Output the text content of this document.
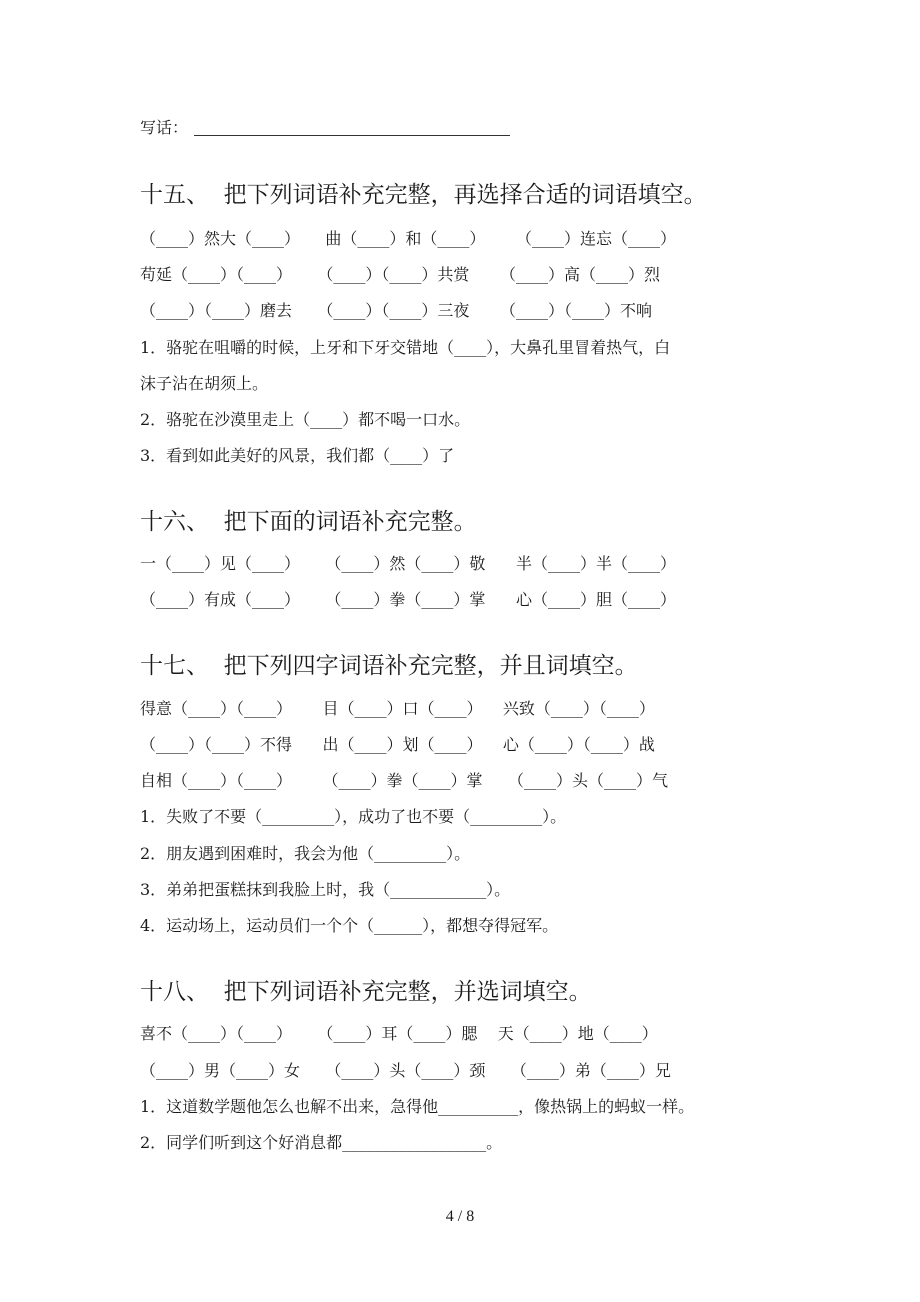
写话：
十五、  把下列词语补充完整，再选择合适的词语填空。
（____）然大（____）     曲（____）和（____）      （____）连忘（____）
苟延（____）（____）     （____）（____）共赏      （____）高（____）烈
（____）（____）磨去     （____）（____）三夜      （____）（____）不响
1．骆驼在咀嚼的时候，上牙和下牙交错地（____），大鼻孔里冒着热气，白
沫子沾在胡须上。
2．骆驼在沙漠里走上（____）都不喝一口水。
3．看到如此美好的风景，我们都（____）了
十六、  把下面的词语补充完整。
一（____）见（____）     （____）然（____）敬      半（____）半（____）
（____）有成（____）     （____）拳（____）掌      心（____）胆（____）
十七、  把下列四字词语补充完整，并且词填空。
得意（____）（____）      目（____）口（____）    兴致（____）（____）
（____）（____）不得      出（____）划（____）    心（____）（____）战
自相（____）（____）      （____）拳（____）掌     （____）头（____）气
1．失败了不要（_________），成功了也不要（_________）。
2．朋友遇到困难时，我会为他（_________）。
3．弟弟把蛋糕抹到我脸上时，我（____________）。
4．运动场上，运动员们一个个（______），都想夺得冠军。
十八、  把下列词语补充完整，并选词填空。
喜不（____）（____）     （____）耳（____）腮    天（____）地（____）
（____）男（____）女     （____）头（____）颈     （____）弟（____）兄
1．这道数学题他怎么也解不出来，急得他__________，像热锅上的蚂蚁一样。
2．同学们听到这个好消息都__________________。
4 / 8
